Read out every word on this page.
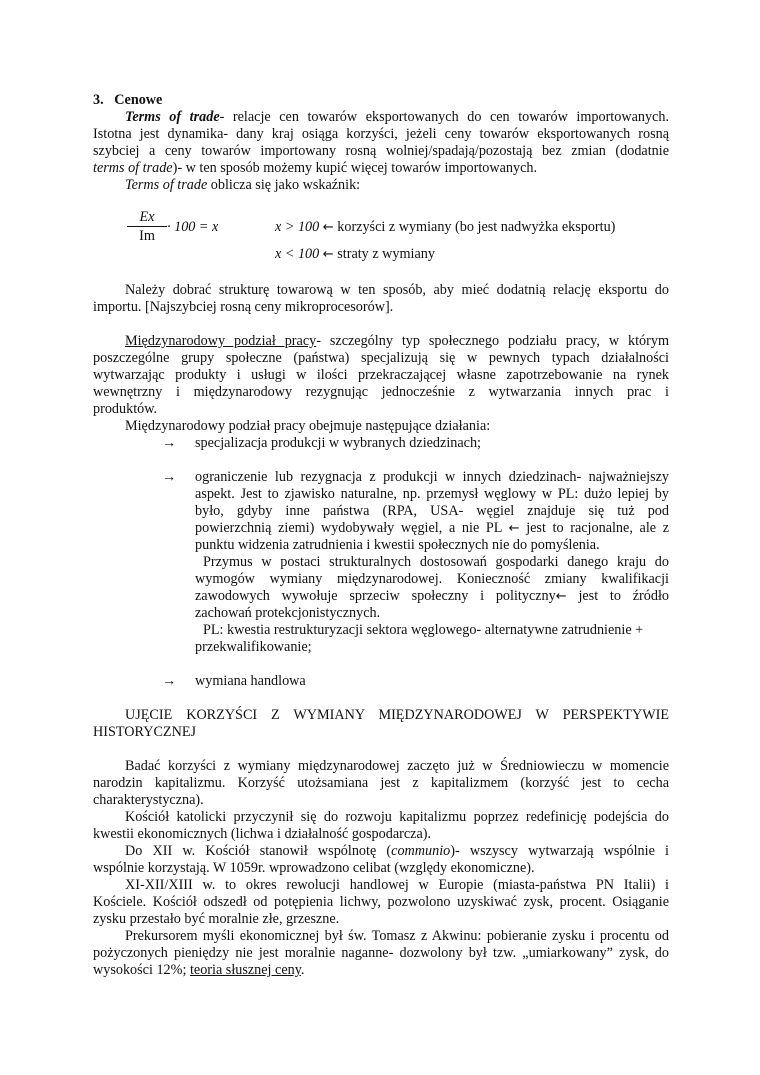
3. Cenowe
Terms of trade- relacje cen towarów eksportowanych do cen towarów importowanych.
Istotna jest dynamika- dany kraj osiąga korzyści, jeżeli ceny towarów eksportowanych rosną
szybciej a ceny towarów importowany rosną wolniej/spadają/pozostają bez zmian (dodatnie
terms of trade)- w ten sposób możemy kupić więcej towarów importowanych.
Terms of trade oblicza się jako wskaźnik:
$\frac{Ex}{Im} \cdot 100 = x$	x > 100 ← korzyści z wymiany (bo jest nadwyżka eksportu)
x < 100 ← straty z wymiany
Należy dobrać strukturę towarową w ten sposób, aby mieć dodatnią relację eksportu do
importu. [Najszybciej rosną ceny mikroprocesorów].
Międzynarodowy podział pracy- szczególny typ społecznego podziału pracy, w którym
poszczególne grupy społeczne (państwa) specjalizują się w pewnych typach działalności
wytwarzając produkty i usługi w ilości przekraczającej własne zapotrzebowanie na rynek
wewnętrzny i międzynarodowy rezygnując jednocześnie z wytwarzania innych prac i
produktów.
Międzynarodowy podział pracy obejmuje następujące działania:
→ specjalizacja produkcji w wybranych dziedzinach;
→ ograniczenie lub rezygnacja z produkcji w innych dziedzinach- najważniejszy
aspekt. Jest to zjawisko naturalne, np. przemysł węglowy w PL: dużo lepiej by
było, gdyby inne państwa (RPA, USA- węgiel znajduje się tuż pod
powierzchnią ziemi) wydobywały węgiel, a nie PL ← jest to racjonalne, ale z
punktu widzenia zatrudnienia i kwestii społecznych nie do pomyślenia.
Przymus w postaci strukturalnych dostosowań gospodarki danego kraju do
wymogów wymiany międzynarodowej. Konieczność zmiany kwalifikacji
zawodowych wywołuje sprzeciw społeczny i polityczny← jest to źródło
zachowań protekcjonistycznych.
PL: kwestia restrukturyzacji sektora węglowego- alternatywne zatrudnienie +
przekwalifikowanie;
→ wymiana handlowa
UJĘCIE KORZYŚCI Z WYMIANY MIĘDZYNARODOWEJ W PERSPEKTYWIE
HISTORYCZNEJ
Badać korzyści z wymiany międzynarodowej zaczęto już w Średniowieczu w momencie
narodzin kapitalizmu. Korzyść utożsamiana jest z kapitalizmem (korzyść jest to cecha
charakterystyczna).
Kościół katolicki przyczynił się do rozwoju kapitalizmu poprzez redefinicję podejścia do
kwestii ekonomicznych (lichwa i działalność gospodarcza).
Do XII w. Kościół stanowił wspólnotę (communio)- wszyscy wytwarzają wspólnie i
wspólnie korzystają. W 1059r. wprowadzono celibat (względy ekonomiczne).
XI-XII/XIII w. to okres rewolucji handlowej w Europie (miasta-państwa PN Italii) i
Kościele. Kościół odszedł od potępienia lichwy, pozwolono uzyskiwać zysk, procent. Osiąganie
zysku przestało być moralnie złe, grzeszne.
Prekursorem myśli ekonomicznej był św. Tomasz z Akwinu: pobieranie zysku i procentu od
pożyczonych pieniędzy nie jest moralnie naganne- dozwolony był tzw. „umiarkowany” zysk, do
wysokości 12%; teoria słusznej ceny.
